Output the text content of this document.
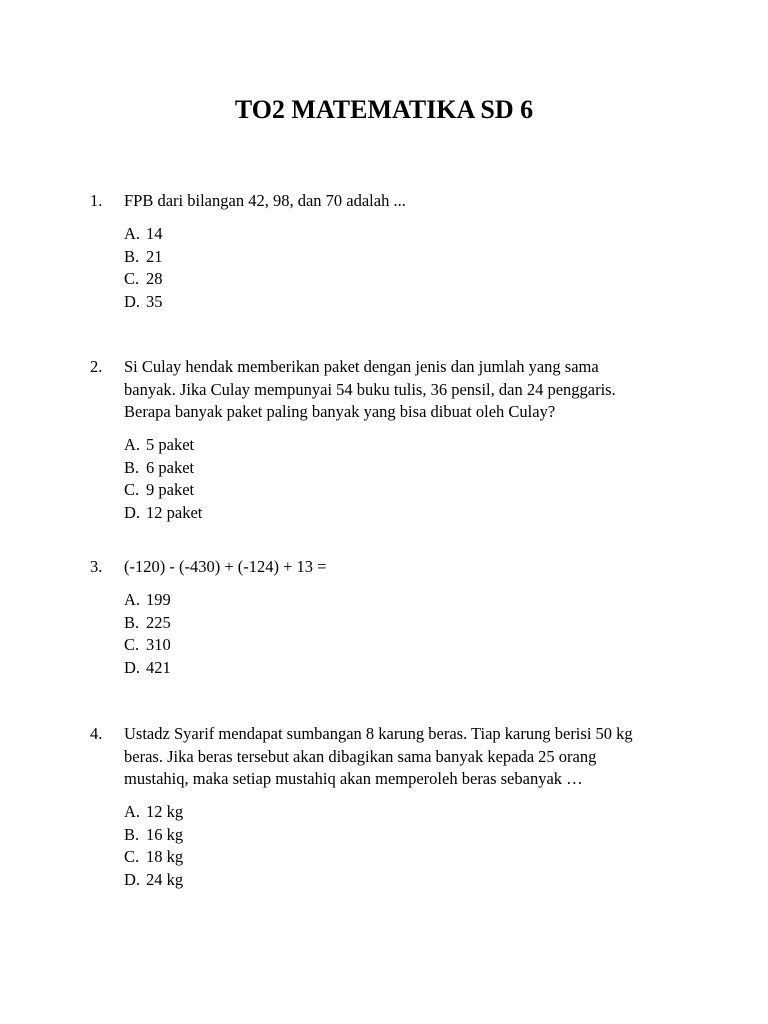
TO2 MATEMATIKA SD 6
1. FPB dari bilangan 42, 98, dan 70 adalah ...
A. 14
B. 21
C. 28
D. 35
2. Si Culay hendak memberikan paket dengan jenis dan jumlah yang sama
banyak. Jika Culay mempunyai 54 buku tulis, 36 pensil, dan 24 penggaris.
Berapa banyak paket paling banyak yang bisa dibuat oleh Culay?
A. 5 paket
B. 6 paket
C. 9 paket
D. 12 paket
3. (-120) - (-430) + (-124) + 13 =
A. 199
B. 225
C. 310
D. 421
4. Ustadz Syarif mendapat sumbangan 8 karung beras. Tiap karung berisi 50 kg
beras. Jika beras tersebut akan dibagikan sama banyak kepada 25 orang
mustahiq, maka setiap mustahiq akan memperoleh beras sebanyak …
A. 12 kg
B. 16 kg
C. 18 kg
D. 24 kg
